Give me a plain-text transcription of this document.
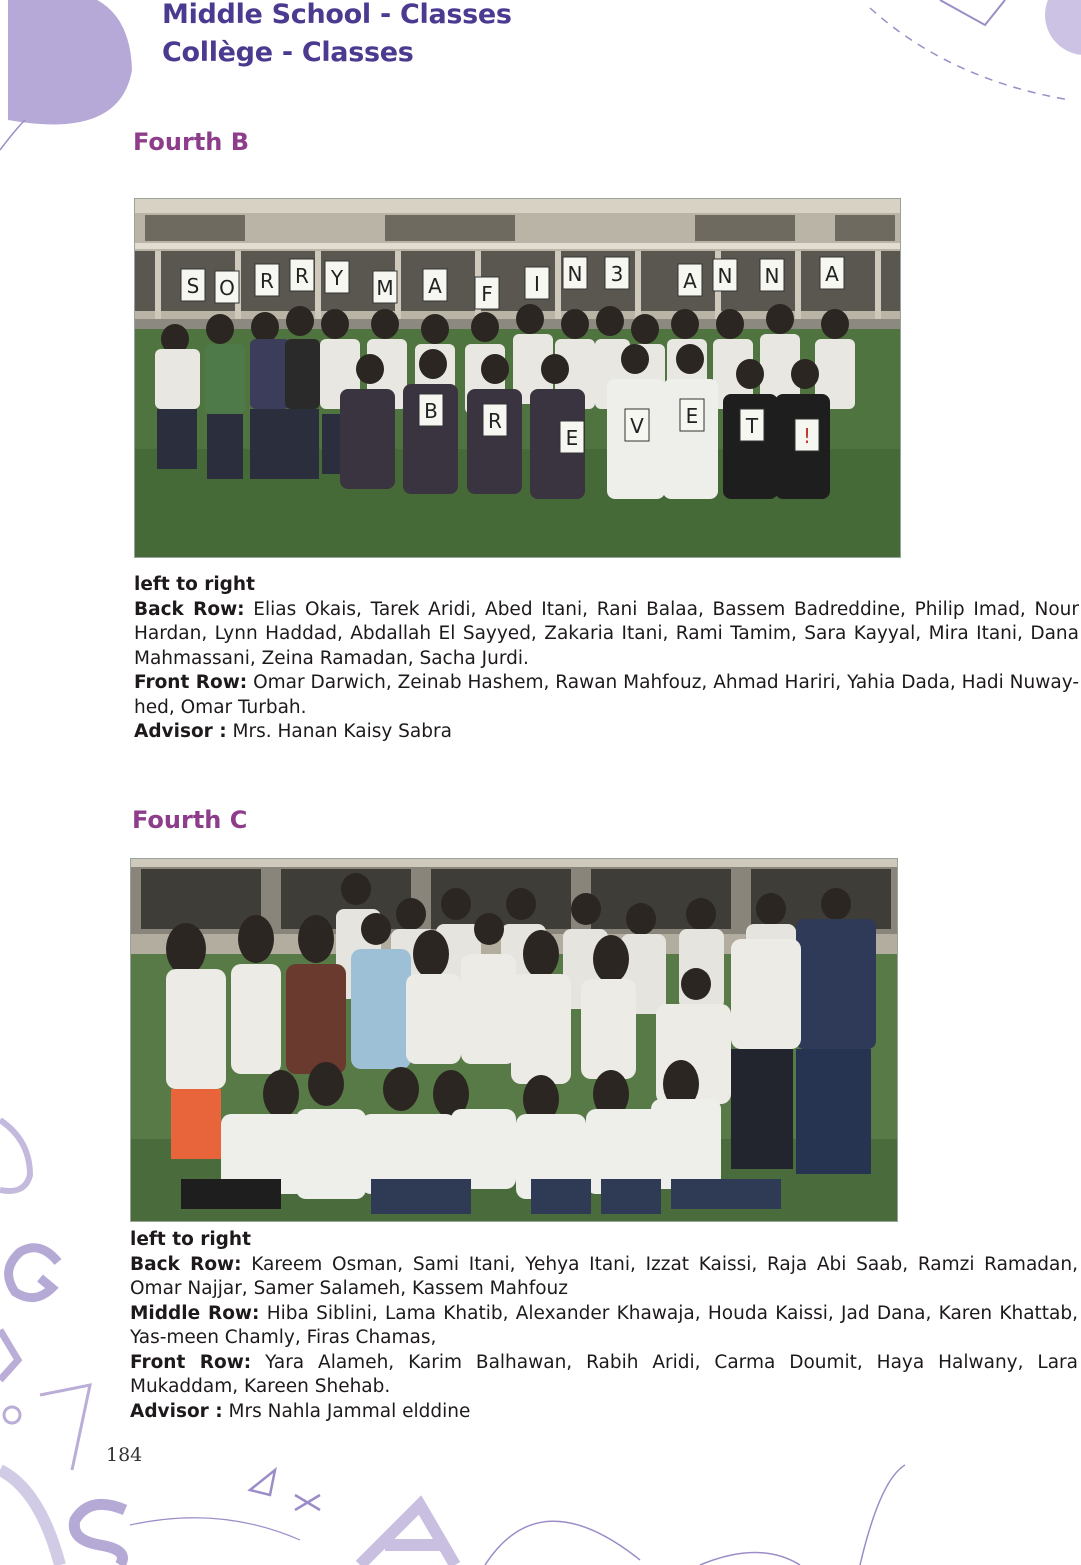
Middle School - Classes
Collège - Classes
Fourth B
S O R R Y M A F I N 3	A N N A
B	R
E	V E T !

left to right

Back Row: Elias Okais, Tarek Aridi, Abed Itani, Rani Balaa, Bassem Badreddine, Philip Imad, Nour Hardan, Lynn Haddad, Abdallah El Sayyed, Zakaria Itani, Rami Tamim, Sara Kayyal, Mira Itani, Dana Mahmassani, Zeina Ramadan, Sacha Jurdi.

Front Row: Omar Darwich, Zeinab Hashem, Rawan Mahfouz, Ahmad Hariri, Yahia Dada, Hadi Nuway-hed, Omar Turbah.

Advisor : Mrs. Hanan Kaisy Sabra

Fourth C

left to right

Back Row: Kareem Osman, Sami Itani, Yehya Itani, Izzat Kaissi, Raja Abi Saab, Ramzi Ramadan, Omar Najjar, Samer Salameh, Kassem Mahfouz

Middle Row: Hiba Siblini, Lama Khatib, Alexander Khawaja, Houda Kaissi, Jad Dana, Karen Khattab, Yas-meen Chamly, Firas Chamas,

Front Row: Yara Alameh, Karim Balhawan, Rabih Aridi, Carma Doumit, Haya Halwany, Lara Mukaddam, Kareen Shehab.

Advisor : Mrs Nahla Jammal elddine

184
